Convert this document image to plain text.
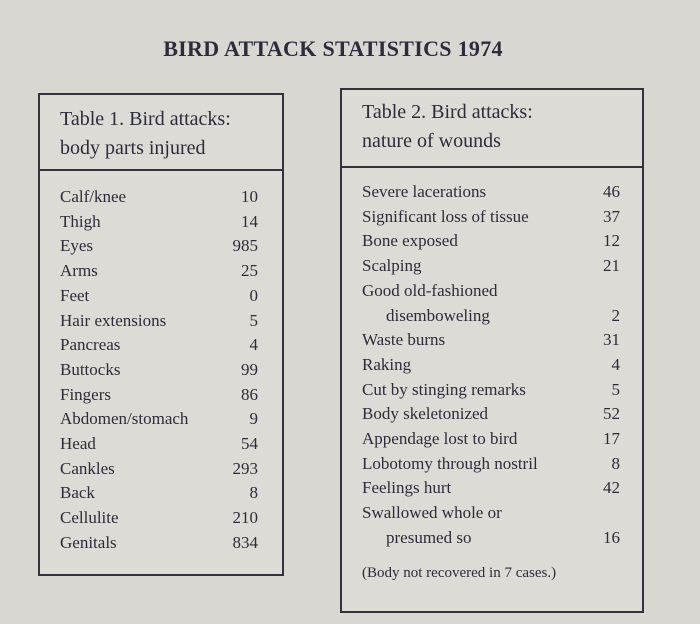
BIRD ATTACK STATISTICS 1974
Table 1. Bird attacks:
body parts injured
Calf/knee	10
Thigh	14
Eyes	985
Arms	25
Feet	0
Hair extensions	5
Pancreas	4
Buttocks	99
Fingers	86
Abdomen/stomach	9
Head	54
Cankles	293
Back	8
Cellulite	210
Genitals	834
Table 2. Bird attacks:
nature of wounds
Severe lacerations	46
Significant loss of tissue	37
Bone exposed	12
Scalping	21
Good old-fashioned
disemboweling	2
Waste burns	31
Raking	4
Cut by stinging remarks	5
Body skeletonized	52
Appendage lost to bird	17
Lobotomy through nostril	8
Feelings hurt	42
Swallowed whole or
presumed so	16
(Body not recovered in 7 cases.)
